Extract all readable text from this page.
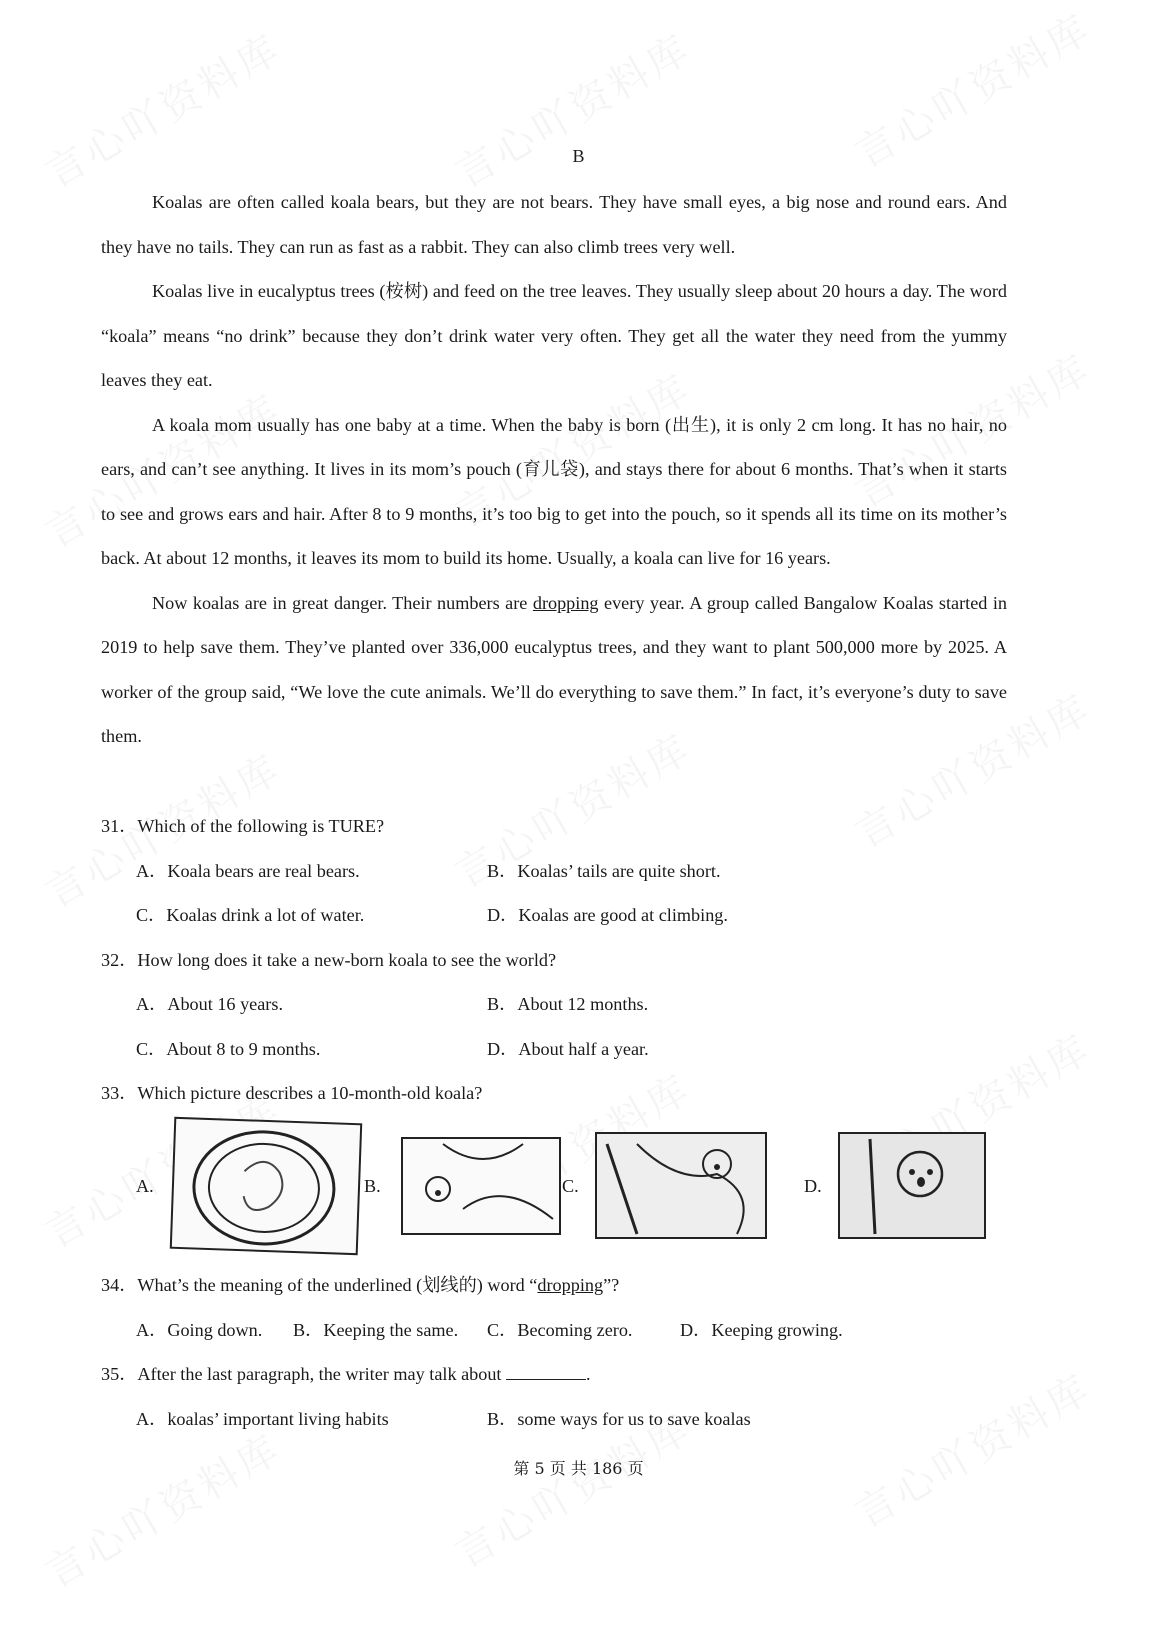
B

Koalas are often called koala bears, but they are not bears. They have small eyes, a big nose and round ears. And they have no tails. They can run as fast as a rabbit. They can also climb trees very well.

Koalas live in eucalyptus trees (桉树) and feed on the tree leaves. They usually sleep about 20 hours a day. The word “koala” means “no drink” because they don’t drink water very often. They get all the water they need from the yummy leaves they eat.

A koala mom usually has one baby at a time. When the baby is born (出生), it is only 2 cm long. It has no hair, no ears, and can’t see anything. It lives in its mom’s pouch (育儿袋), and stays there for about 6 months. That’s when it starts to see and grows ears and hair. After 8 to 9 months, it’s too big to get into the pouch, so it spends all its time on its mother’s back. At about 12 months, it leaves its mom to build its home. Usually, a koala can live for 16 years.

Now koalas are in great danger. Their numbers are dropping every year. A group called Bangalow Koalas started in 2019 to help save them. They’ve planted over 336,000 eucalyptus trees, and they want to plant 500,000 more by 2025. A worker of the group said, “We love the cute animals. We’ll do everything to save them.” In fact, it’s everyone’s duty to save them.

31．Which of the following is TURE?
A．Koala bears are real bears.	B．Koalas’ tails are quite short.
C．Koalas drink a lot of water.	D．Koalas are good at climbing.
32．How long does it take a new-born koala to see the world?
A．About 16 years.	B．About 12 months.
C．About 8 to 9 months.	D．About half a year.
33．Which picture describes a 10-month-old koala?
A.	B.	C.	D.
34．What’s the meaning of the underlined (划线的) word “dropping”?
A．Going down. B．Keeping the same. C．Becoming zero.	D．Keeping growing.
35．After the last paragraph, the writer may talk about	.
A．koalas’ important living habits	B．some ways for us to save koalas
第 5 页 共 186 页
